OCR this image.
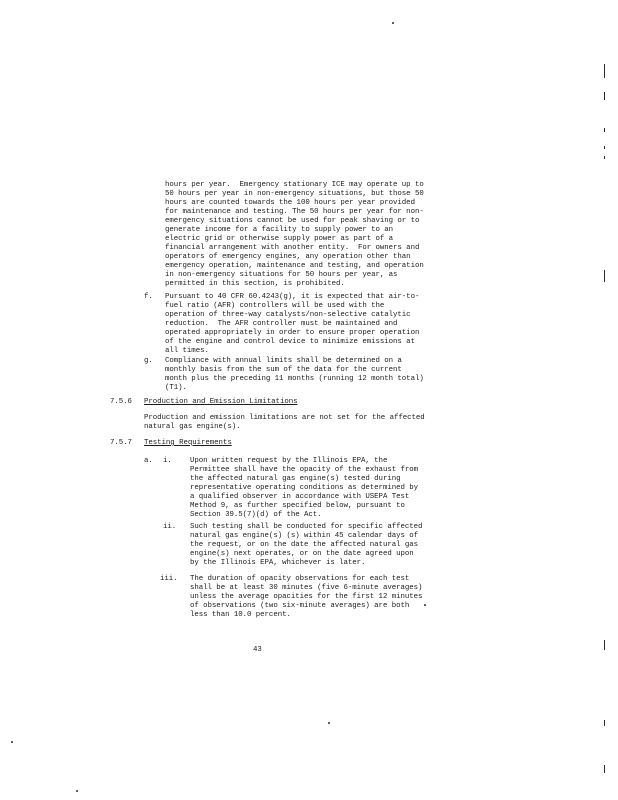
hours per year.  Emergency stationary ICE may operate up to
50 hours per year in non-emergency situations, but those 50
hours are counted towards the 100 hours per year provided
for maintenance and testing. The 50 hours per year for non-
emergency situations cannot be used for peak shaving or to
generate income for a facility to supply power to an
electric grid or otherwise supply power as part of a
financial arrangement with another entity.  For owners and
operators of emergency engines, any operation other than
emergency operation, maintenance and testing, and operation
in non-emergency situations for 50 hours per year, as
permitted in this section, is prohibited.
f. Pursuant to 40 CFR 60.4243(g), it is expected that air-to-
fuel ratio (AFR) controllers will be used with the
operation of three-way catalysts/non-selective catalytic
reduction.  The AFR controller must be maintained and
operated appropriately in order to ensure proper operation
of the engine and control device to minimize emissions at
all times.
g. Compliance with annual limits shall be determined on a
monthly basis from the sum of the data for the current
month plus the preceding 11 months (running 12 month total)
(T1).
7.5.6 Production and Emission Limitations
Production and emission limitations are not set for the affected
natural gas engine(s).
7.5.7 Testing Requirements
a. i. Upon written request by the Illinois EPA, the
Permittee shall have the opacity of the exhaust from
the affected natural gas engine(s) tested during
representative operating conditions as determined by
a qualified observer in accordance with USEPA Test
Method 9, as further specified below, pursuant to
Section 39.5(7)(d) of the Act.
ii. Such testing shall be conducted for specific affected
natural gas engine(s) (s) within 45 calendar days of
the request, or on the date the affected natural gas
engine(s) next operates, or on the date agreed upon
by the Illinois EPA, whichever is later.
iii. The duration of opacity observations for each test
shall be at least 30 minutes (five 6-minute averages)
unless the average opacities for the first 12 minutes
of observations (two six-minute averages) are both
less than 10.0 percent.
43
